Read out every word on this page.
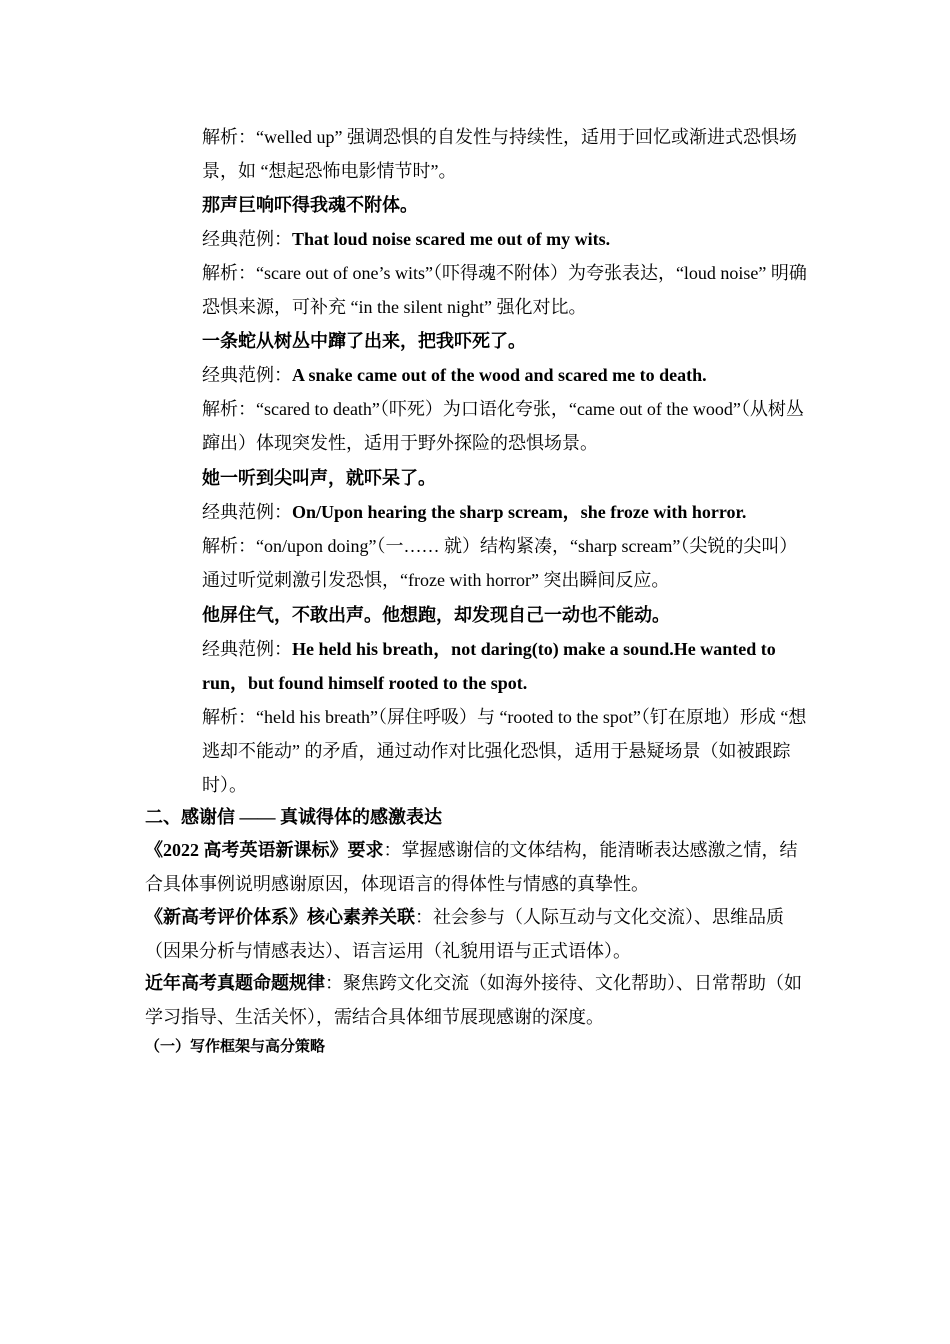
解析：“welled up” 强调恐惧的自发性与持续性，适用于回忆或渐进式恐惧场景，如 “想起恐怖电影情节时”。

那声巨响吓得我魂不附体。

经典范例：That loud noise scared me out of my wits.

解析：“scare out of one’s wits”（吓得魂不附体）为夸张表达，“loud noise” 明确恐惧来源，可补充 “in the silent night” 强化对比。

一条蛇从树丛中蹿了出来，把我吓死了。

经典范例：A snake came out of the wood and scared me to death.

解析：“scared to death”（吓死）为口语化夸张，“came out of the wood”（从树丛蹿出）体现突发性，适用于野外探险的恐惧场景。

她一听到尖叫声，就吓呆了。

经典范例：On/Upon hearing the sharp scream，she froze with horror.

解析：“on/upon doing”（一…… 就）结构紧凑，“sharp scream”（尖锐的尖叫）通过听觉刺激引发恐惧，“froze with horror” 突出瞬间反应。

他屏住气，不敢出声。他想跑，却发现自己一动也不能动。

经典范例：He held his breath，not daring(to) make a sound.He wanted to run，but found himself rooted to the spot.

解析：“held his breath”（屏住呼吸）与 “rooted to the spot”（钉在原地）形成 “想逃却不能动” 的矛盾，通过动作对比强化恐惧，适用于悬疑场景（如被跟踪时）。

二、感谢信 —— 真诚得体的感激表达

《2022 高考英语新课标》要求：掌握感谢信的文体结构，能清晰表达感激之情，结合具体事例说明感谢原因，体现语言的得体性与情感的真挚性。

《新高考评价体系》核心素养关联：社会参与（人际互动与文化交流）、思维品质（因果分析与情感表达）、语言运用（礼貌用语与正式语体）。

近年高考真题命题规律：聚焦跨文化交流（如海外接待、文化帮助）、日常帮助（如学习指导、生活关怀），需结合具体细节展现感谢的深度。

（一）写作框架与高分策略
